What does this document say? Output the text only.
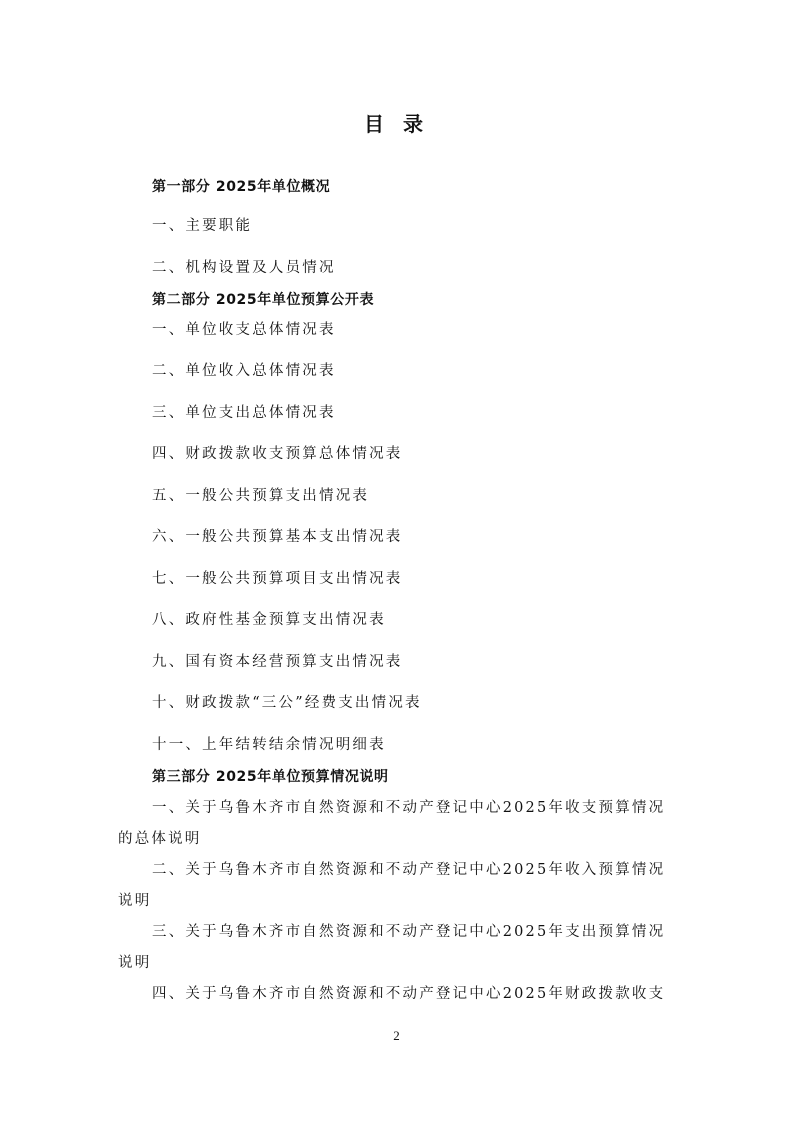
目 录
第一部分 2025年单位概况
一、主要职能
二、机构设置及人员情况
第二部分 2025年单位预算公开表
一、单位收支总体情况表
二、单位收入总体情况表
三、单位支出总体情况表
四、财政拨款收支预算总体情况表
五、一般公共预算支出情况表
六、一般公共预算基本支出情况表
七、一般公共预算项目支出情况表
八、政府性基金预算支出情况表
九、国有资本经营预算支出情况表
十、财政拨款“三公”经费支出情况表
十一、上年结转结余情况明细表
第三部分 2025年单位预算情况说明
一、关于乌鲁木齐市自然资源和不动产登记中心2025年收支预算情况
的总体说明
二、关于乌鲁木齐市自然资源和不动产登记中心2025年收入预算情况
说明
三、关于乌鲁木齐市自然资源和不动产登记中心2025年支出预算情况
说明
四、关于乌鲁木齐市自然资源和不动产登记中心2025年财政拨款收支
2
